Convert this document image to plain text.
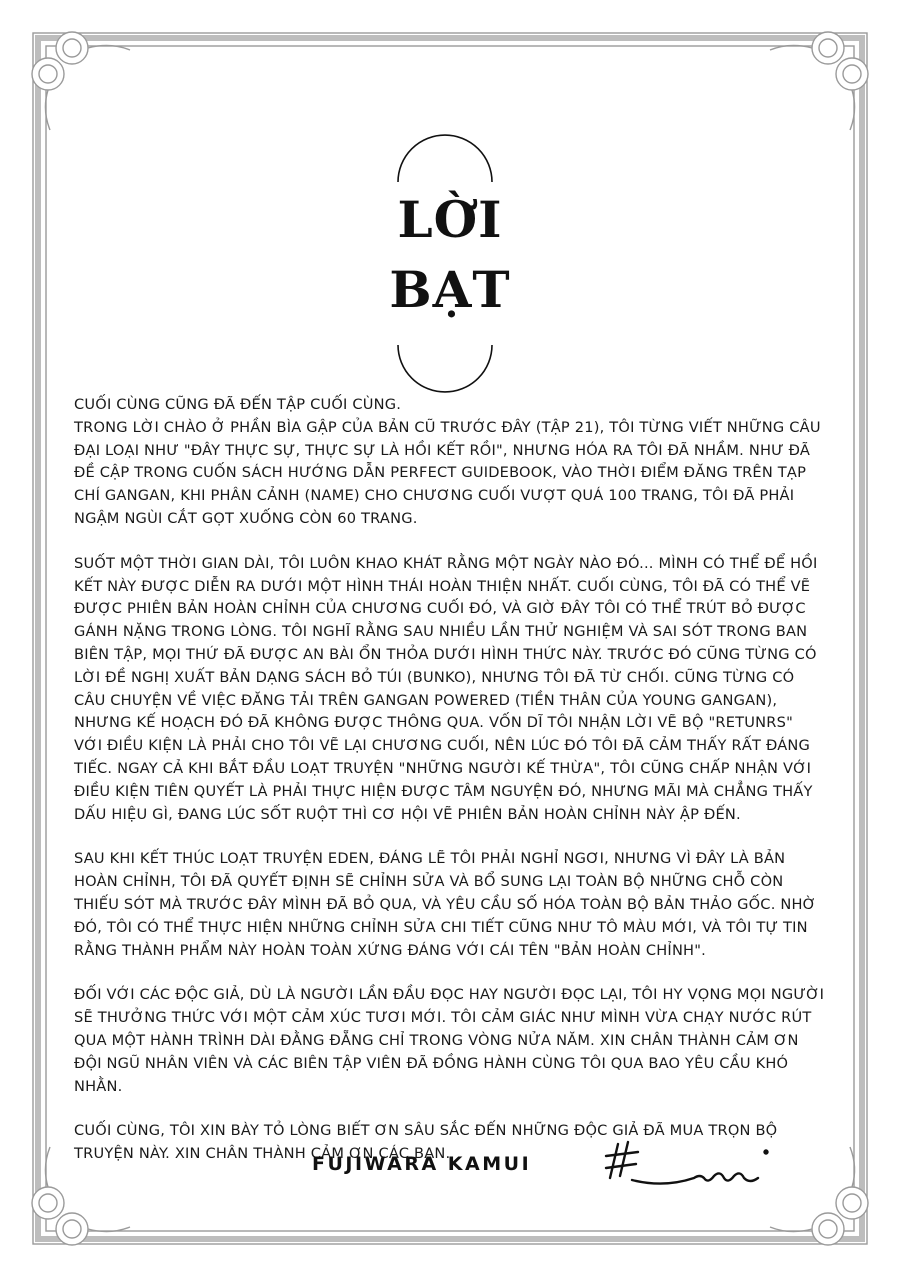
LỜI
BẠT

CUỐI CÙNG CŨNG ĐÃ ĐẾN TẬP CUỐI CÙNG.
TRONG LỜI CHÀO Ở PHẦN BÌA GẬP CỦA BẢN CŨ TRƯỚC ĐÂY (TẬP 21), TÔI TỪNG VIẾT NHỮNG CÂU ĐẠI LOẠI NHƯ "ĐÂY THỰC SỰ, THỰC SỰ LÀ HỒI KẾT RỒI", NHƯNG HÓA RA TÔI ĐÃ NHẦM. NHƯ ĐÃ ĐỀ CẬP TRONG CUỐN SÁCH HƯỚNG DẪN PERFECT GUIDEBOOK, VÀO THỜI ĐIỂM ĐĂNG TRÊN TẠP CHÍ GANGAN, KHI PHÂN CẢNH (NAME) CHO CHƯƠNG CUỐI VƯỢT QUÁ 100 TRANG, TÔI ĐÃ PHẢI NGẬM NGÙI CẮT GỌT XUỐNG CÒN 60 TRANG.

SUỐT MỘT THỜI GIAN DÀI, TÔI LUÔN KHAO KHÁT RẰNG MỘT NGÀY NÀO ĐÓ... MÌNH CÓ THỂ ĐỂ HỒI KẾT NÀY ĐƯỢC DIỄN RA DƯỚI MỘT HÌNH THÁI HOÀN THIỆN NHẤT. CUỐI CÙNG, TÔI ĐÃ CÓ THỂ VẼ ĐƯỢC PHIÊN BẢN HOÀN CHỈNH CỦA CHƯƠNG CUỐI ĐÓ, VÀ GIỜ ĐÂY TÔI CÓ THỂ TRÚT BỎ ĐƯỢC GÁNH NẶNG TRONG LÒNG. TÔI NGHĨ RẰNG SAU NHIỀU LẦN THỬ NGHIỆM VÀ SAI SÓT TRONG BAN BIÊN TẬP, MỌI THỨ ĐÃ ĐƯỢC AN BÀI ỔN THỎA DƯỚI HÌNH THỨC NÀY. TRƯỚC ĐÓ CŨNG TỪNG CÓ LỜI ĐỀ NGHỊ XUẤT BẢN DẠNG SÁCH BỎ TÚI (BUNKO), NHƯNG TÔI ĐÃ TỪ CHỐI. CŨNG TỪNG CÓ CÂU CHUYỆN VỀ VIỆC ĐĂNG TẢI TRÊN GANGAN POWERED (TIỀN THÂN CỦA YOUNG GANGAN), NHƯNG KẾ HOẠCH ĐÓ ĐÃ KHÔNG ĐƯỢC THÔNG QUA. VỐN DĨ TÔI NHẬN LỜI VẼ BỘ "RETUNRS" VỚI ĐIỀU KIỆN LÀ PHẢI CHO TÔI VẼ LẠI CHƯƠNG CUỐI, NÊN LÚC ĐÓ TÔI ĐÃ CẢM THẤY RẤT ĐÁNG TIẾC. NGAY CẢ KHI BẮT ĐẦU LOẠT TRUYỆN "NHỮNG NGƯỜI KẾ THỪA", TÔI CŨNG CHẤP NHẬN VỚI ĐIỀU KIỆN TIÊN QUYẾT LÀ PHẢI THỰC HIỆN ĐƯỢC TÂM NGUYỆN ĐÓ, NHƯNG MÃI MÀ CHẲNG THẤY DẤU HIỆU GÌ, ĐANG LÚC SỐT RUỘT THÌ CƠ HỘI VẼ PHIÊN BẢN HOÀN CHỈNH NÀY ẬP ĐẾN.

SAU KHI KẾT THÚC LOẠT TRUYỆN EDEN, ĐÁNG LẼ TÔI PHẢI NGHỈ NGƠI, NHƯNG VÌ ĐÂY LÀ BẢN HOÀN CHỈNH, TÔI ĐÃ QUYẾT ĐỊNH SẼ CHỈNH SỬA VÀ BỔ SUNG LẠI TOÀN BỘ NHỮNG CHỖ CÒN THIẾU SÓT MÀ TRƯỚC ĐÂY MÌNH ĐÃ BỎ QUA, VÀ YÊU CẦU SỐ HÓA TOÀN BỘ BẢN THẢO GỐC. NHỜ ĐÓ, TÔI CÓ THỂ THỰC HIỆN NHỮNG CHỈNH SỬA CHI TIẾT CŨNG NHƯ TÔ MÀU MỚI, VÀ TÔI TỰ TIN RẰNG THÀNH PHẨM NÀY HOÀN TOÀN XỨNG ĐÁNG VỚI CÁI TÊN "BẢN HOÀN CHỈNH".

ĐỐI VỚI CÁC ĐỘC GIẢ, DÙ LÀ NGƯỜI LẦN ĐẦU ĐỌC HAY NGƯỜI ĐỌC LẠI, TÔI HY VỌNG MỌI NGƯỜI SẼ THƯỞNG THỨC VỚI MỘT CẢM XÚC TƯƠI MỚI. TÔI CẢM GIÁC NHƯ MÌNH VỪA CHẠY NƯỚC RÚT QUA MỘT HÀNH TRÌNH DÀI ĐẰNG ĐẴNG CHỈ TRONG VÒNG NỬA NĂM. XIN CHÂN THÀNH CẢM ƠN ĐỘI NGŨ NHÂN VIÊN VÀ CÁC BIÊN TẬP VIÊN ĐÃ ĐỒNG HÀNH CÙNG TÔI QUA BAO YÊU CẦU KHÓ NHẰN.

CUỐI CÙNG, TÔI XIN BÀY TỎ LÒNG BIẾT ƠN SÂU SẮC ĐẾN NHỮNG ĐỘC GIẢ ĐÃ MUA TRỌN BỘ TRUYỆN NÀY. XIN CHÂN THÀNH CẢM ƠN CÁC BẠN.

FUJIWARA KAMUI
